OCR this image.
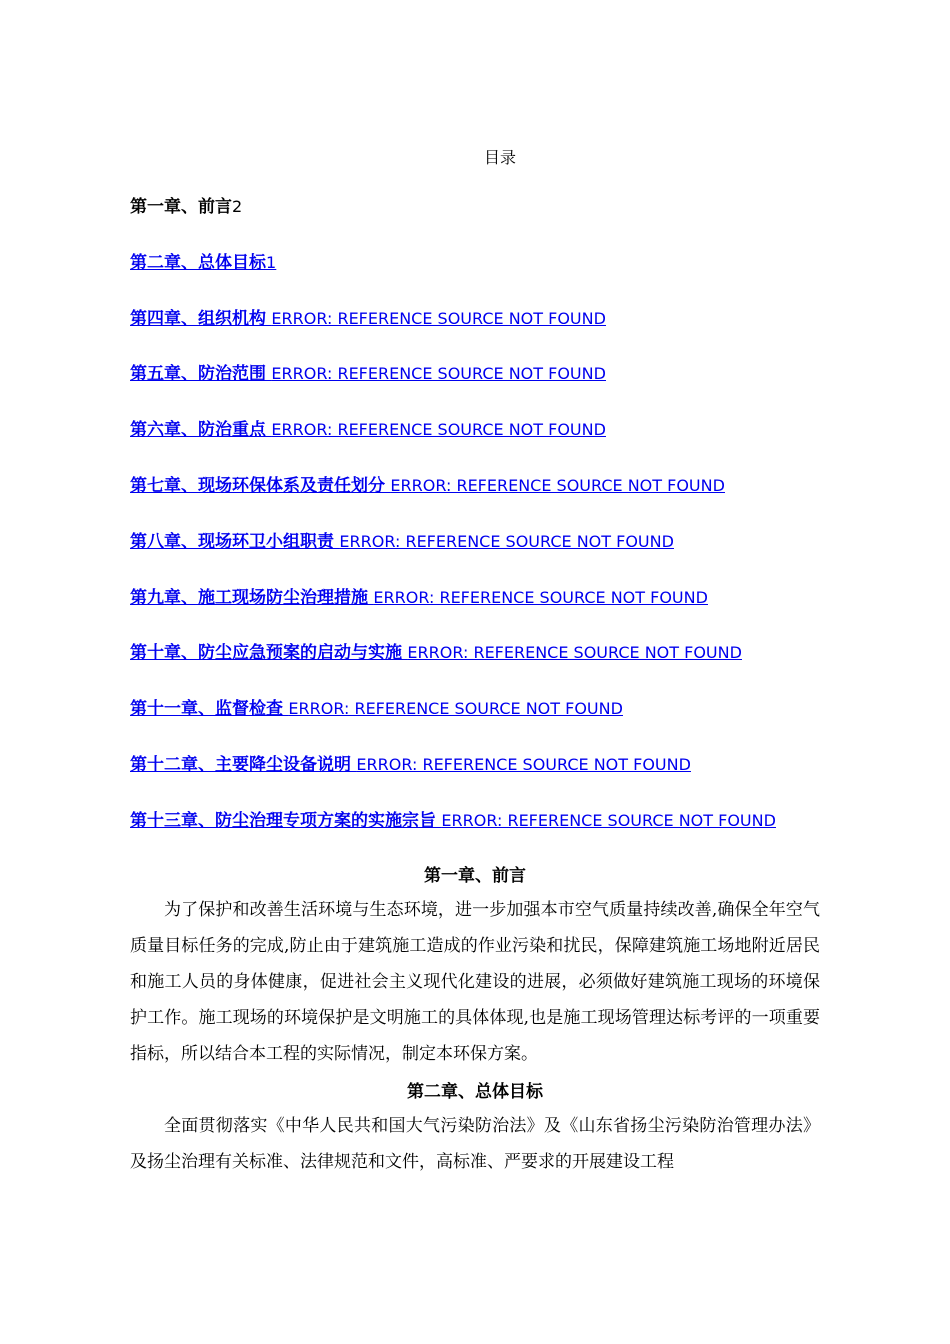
目录
第一章、前言2
第二章、总体目标1
第四章、组织机构 ERROR: REFERENCE SOURCE NOT FOUND
第五章、防治范围 ERROR: REFERENCE SOURCE NOT FOUND
第六章、防治重点 ERROR: REFERENCE SOURCE NOT FOUND
第七章、现场环保体系及责任划分 ERROR: REFERENCE SOURCE NOT FOUND
第八章、现场环卫小组职责 ERROR: REFERENCE SOURCE NOT FOUND
第九章、施工现场防尘治理措施 ERROR: REFERENCE SOURCE NOT FOUND
第十章、防尘应急预案的启动与实施 ERROR: REFERENCE SOURCE NOT FOUND
第十一章、监督检查 ERROR: REFERENCE SOURCE NOT FOUND
第十二章、主要降尘设备说明 ERROR: REFERENCE SOURCE NOT FOUND
第十三章、防尘治理专项方案的实施宗旨 ERROR: REFERENCE SOURCE NOT FOUND
第一章、前言

为了保护和改善生活环境与生态环境，进一步加强本市空气质量持续改善,确保全年空气质量目标任务的完成,防止由于建筑施工造成的作业污染和扰民，保障建筑施工场地附近居民和施工人员的身体健康，促进社会主义现代化建设的进展，必须做好建筑施工现场的环境保护工作。施工现场的环境保护是文明施工的具体体现,也是施工现场管理达标考评的一项重要指标，所以结合本工程的实际情况，制定本环保方案。

第二章、总体目标

全面贯彻落实《中华人民共和国大气污染防治法》及《山东省扬尘污染防治管理办法》及扬尘治理有关标准、法律规范和文件，高标准、严要求的开展建设工程
